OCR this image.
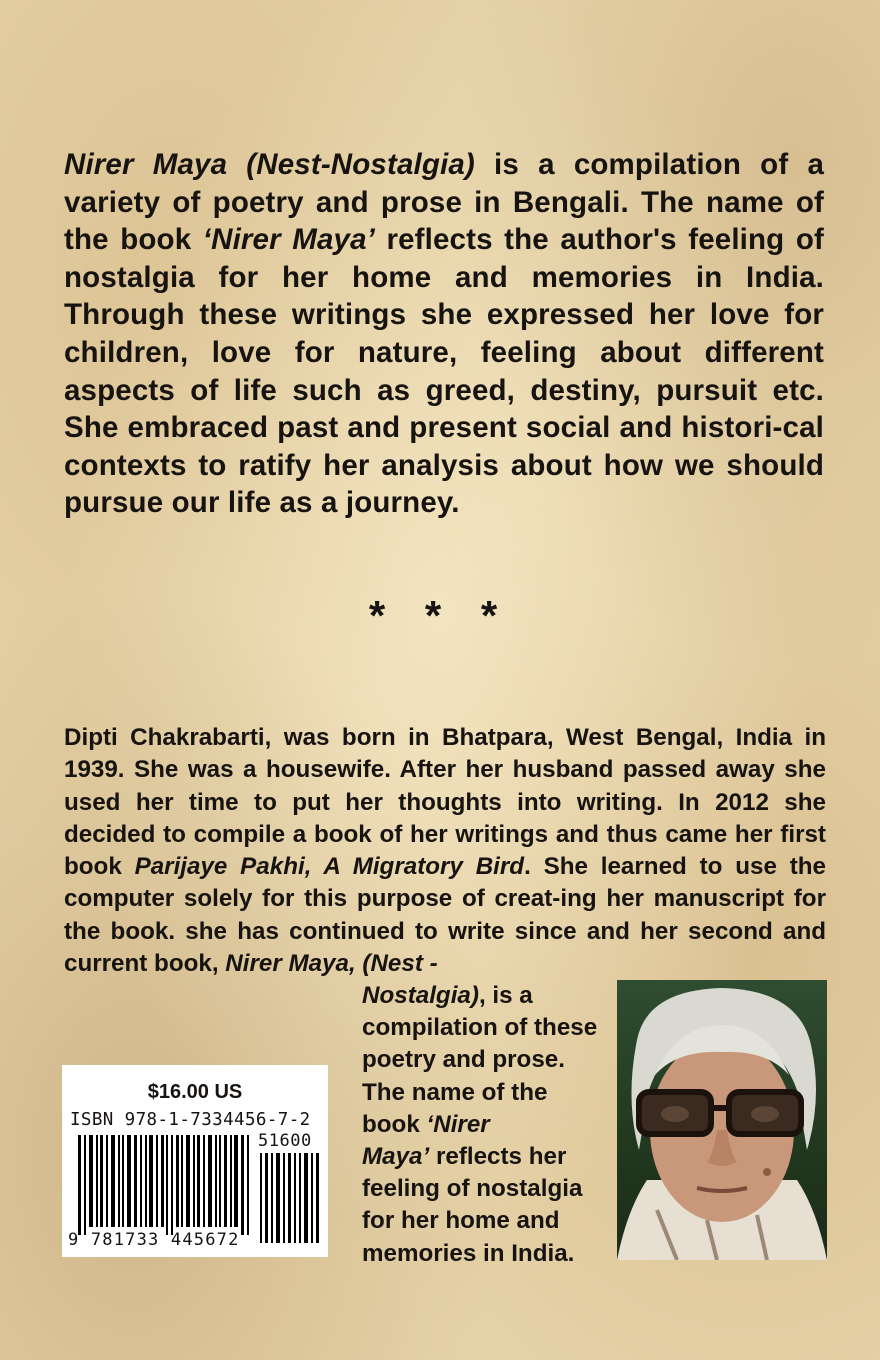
Nirer Maya (Nest-Nostalgia) is a compilation of a variety of poetry and prose in Bengali. The name of the book ‘Nirer Maya’ reflects the author's feeling of nostalgia for her home and memories in India. Through these writings she expressed her love for children, love for nature, feeling about different aspects of life such as greed, destiny, pursuit etc. She embraced past and present social and histori-cal contexts to ratify her analysis about how we should pursue our life as a journey.
* * *
Dipti Chakrabarti, was born in Bhatpara, West Bengal, India in 1939. She was a housewife. After her husband passed away she used her time to put her thoughts into writing. In 2012 she decided to compile a book of her writings and thus came her first book Parijaye Pakhi, A Migratory Bird. She learned to use the computer solely for this purpose of creat-ing her manuscript for the book. she has continued to write since and her second and current book, Nirer Maya, (Nest -
Nostalgia), is a compilation of these poetry and prose. The name of the book ‘Nirer
Maya’ reflects her feeling of nostalgia for her home and memories in India.
$16.00 US
ISBN 978-1-7334456-7-2
51600
9 781733 445672
